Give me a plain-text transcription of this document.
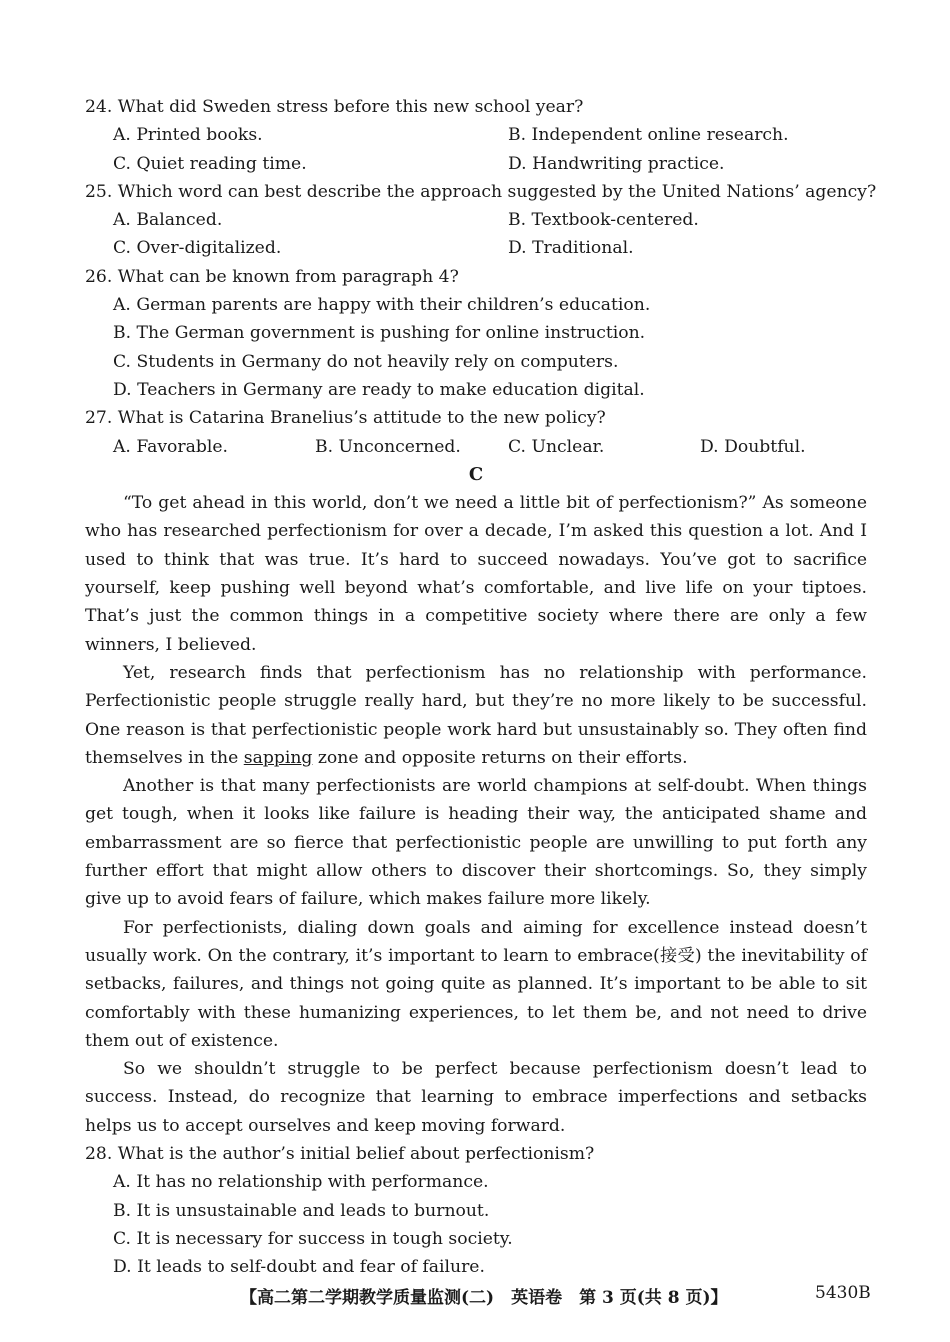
24. What did Sweden stress before this new school year?
A. Printed books.	B. Independent online research.
C. Quiet reading time.	D. Handwriting practice.
25. Which word can best describe the approach suggested by the United Nations’ agency?
A. Balanced.	B. Textbook-centered.
C. Over-digitalized.	D. Traditional.
26. What can be known from paragraph 4?
A. German parents are happy with their children’s education.
B. The German government is pushing for online instruction.
C. Students in Germany do not heavily rely on computers.
D. Teachers in Germany are ready to make education digital.
27. What is Catarina Branelius’s attitude to the new policy?
A. Favorable.	B. Unconcerned.	C. Unclear.	D. Doubtful.
C
“To get ahead in this world, don’t we need a little bit of perfectionism?” As someone who has researched perfectionism for over a decade, I’m asked this question a lot. And I used to think that was true. It’s hard to succeed nowadays. You’ve got to sacrifice yourself, keep pushing well beyond what’s comfortable, and live life on your tiptoes. That’s just the common things in a competitive society where there are only a few winners, I believed.
Yet, research finds that perfectionism has no relationship with performance. Perfectionistic people struggle really hard, but they’re no more likely to be successful. One reason is that perfectionistic people work hard but unsustainably so. They often find themselves in the sapping zone and opposite returns on their efforts.
Another is that many perfectionists are world champions at self-doubt. When things get tough, when it looks like failure is heading their way, the anticipated shame and embarrassment are so fierce that perfectionistic people are unwilling to put forth any further effort that might allow others to discover their shortcomings. So, they simply give up to avoid fears of failure, which makes failure more likely.
For perfectionists, dialing down goals and aiming for excellence instead doesn’t usually work. On the contrary, it’s important to learn to embrace(接受) the inevitability of setbacks, failures, and things not going quite as planned. It’s important to be able to sit comfortably with these humanizing experiences, to let them be, and not need to drive them out of existence.
So we shouldn’t struggle to be perfect because perfectionism doesn’t lead to success. Instead, do recognize that learning to embrace imperfections and setbacks helps us to accept ourselves and keep moving forward.
28. What is the author’s initial belief about perfectionism?
A. It has no relationship with performance.
B. It is unsustainable and leads to burnout.
C. It is necessary for success in tough society.
D. It leads to self-doubt and fear of failure.
【高二第二学期教学质量监测(二)　英语卷　第 3 页(共 8 页)】	5430B
